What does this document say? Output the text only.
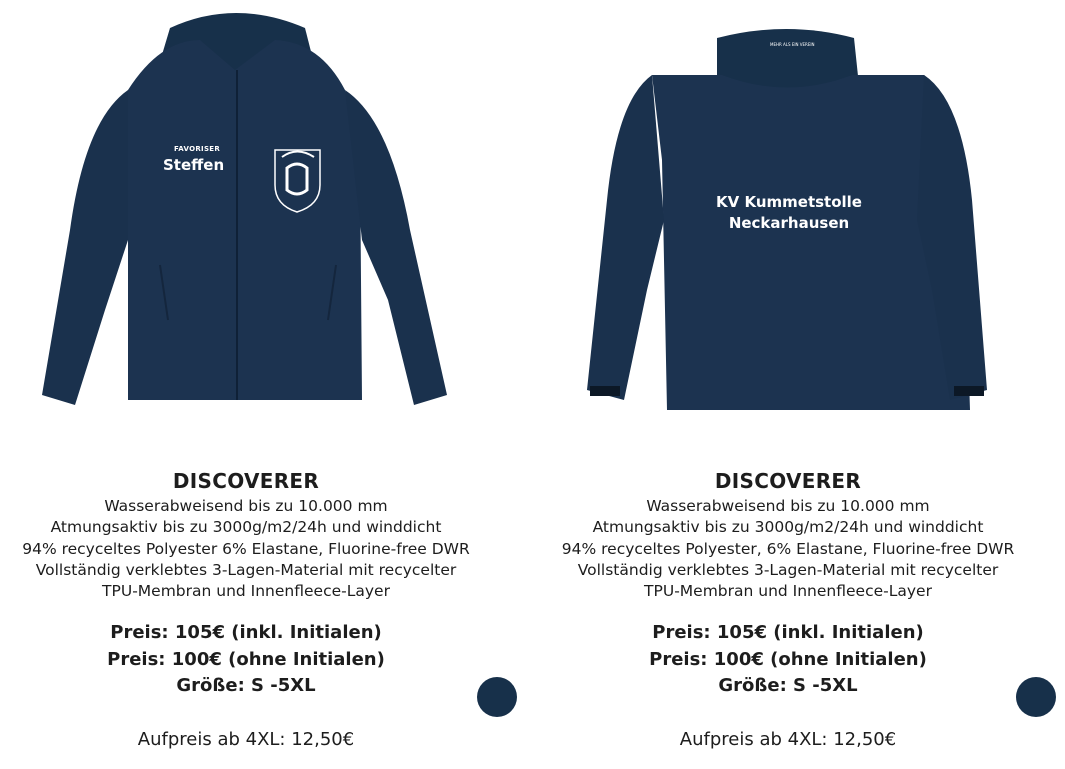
FAVORISER
Steffen
DISCOVERER
Wasserabweisend bis zu 10.000 mm
Atmungsaktiv bis zu 3000g/m2/24h und winddicht
94% recyceltes Polyester 6% Elastane, Fluorine-free DWR
Vollständig verklebtes 3-Lagen-Material mit recycelter
TPU-Membran und Innenfleece-Layer
Preis: 105€ (inkl. Initialen)
Preis: 100€ (ohne Initialen)
Größe: S -5XL
Aufpreis ab 4XL: 12,50€
MEHR ALS EIN VEREIN
KV Kummetstolle
Neckarhausen
DISCOVERER
Wasserabweisend bis zu 10.000 mm
Atmungsaktiv bis zu 3000g/m2/24h und winddicht
94% recyceltes Polyester, 6% Elastane, Fluorine-free DWR
Vollständig verklebtes 3-Lagen-Material mit recycelter
TPU-Membran und Innenfleece-Layer
Preis: 105€ (inkl. Initialen)
Preis: 100€ (ohne Initialen)
Größe: S -5XL
Aufpreis ab 4XL: 12,50€
